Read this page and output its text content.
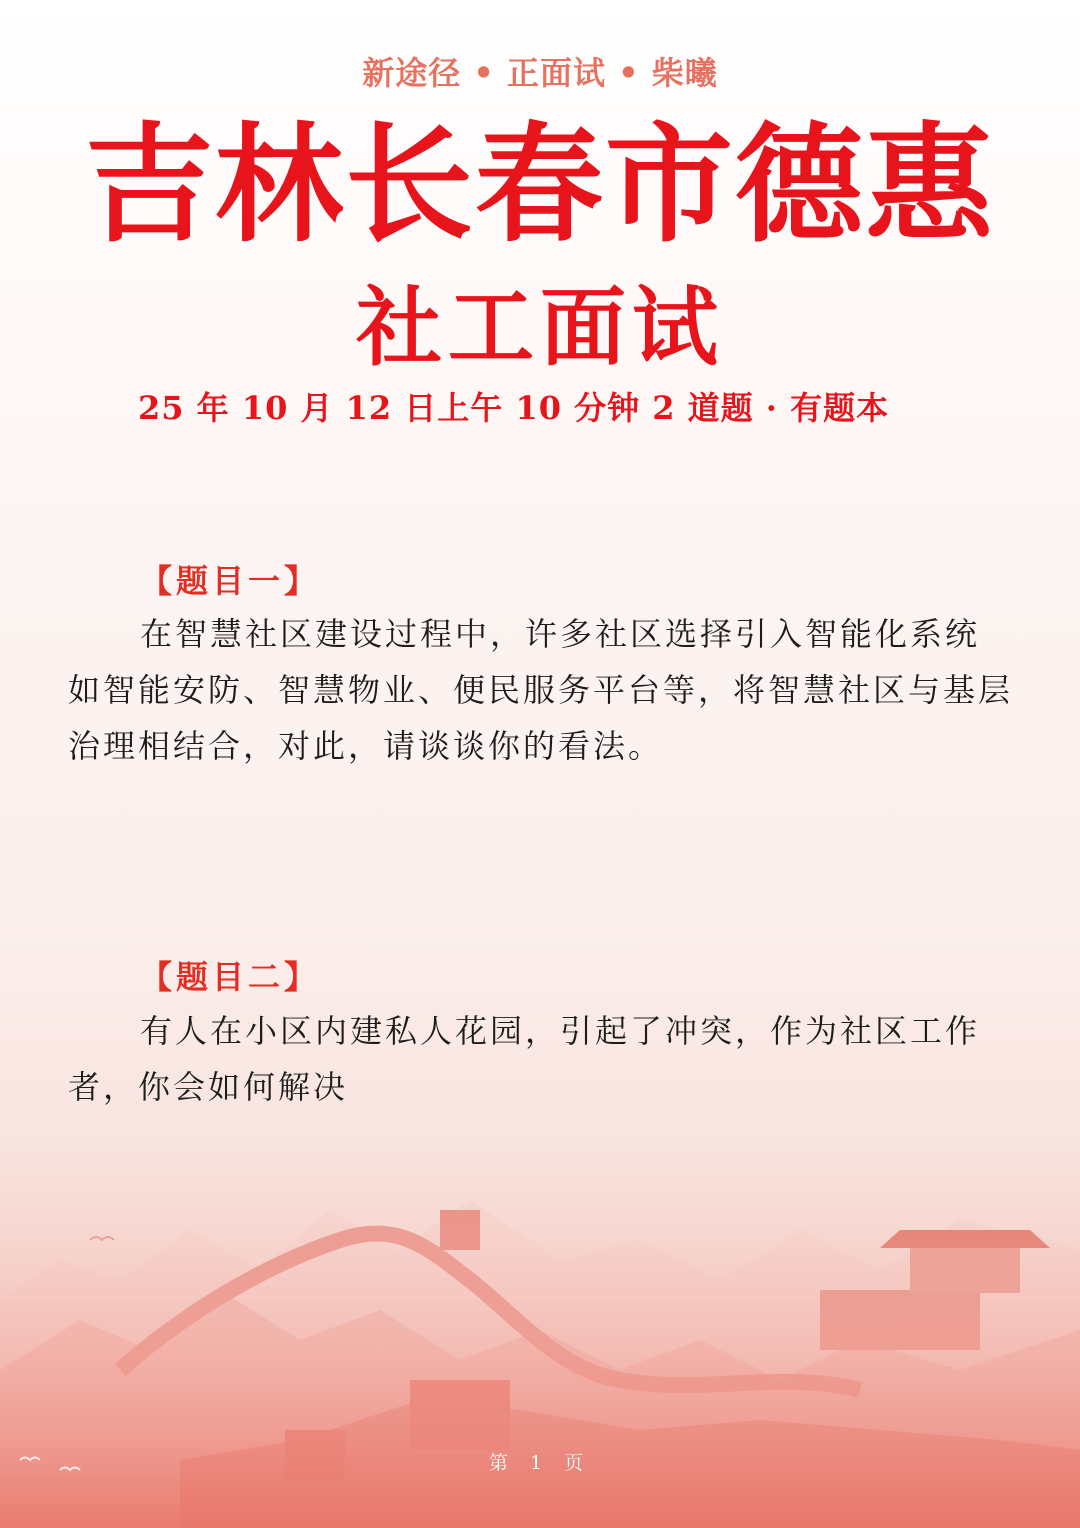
新途径 • 正面试 • 柴曦
吉林长春市德惠
社工面试
25 年 10 月 12 日上午 10 分钟 2 道题 · 有题本
【题目一】

在智慧社区建设过程中，许多社区选择引入智能化系统如智能安防、智慧物业、便民服务平台等，将智慧社区与基层治理相结合，对此，请谈谈你的看法。

【题目二】

有人在小区内建私人花园，引起了冲突，作为社区工作者，你会如何解决

第 1 页
